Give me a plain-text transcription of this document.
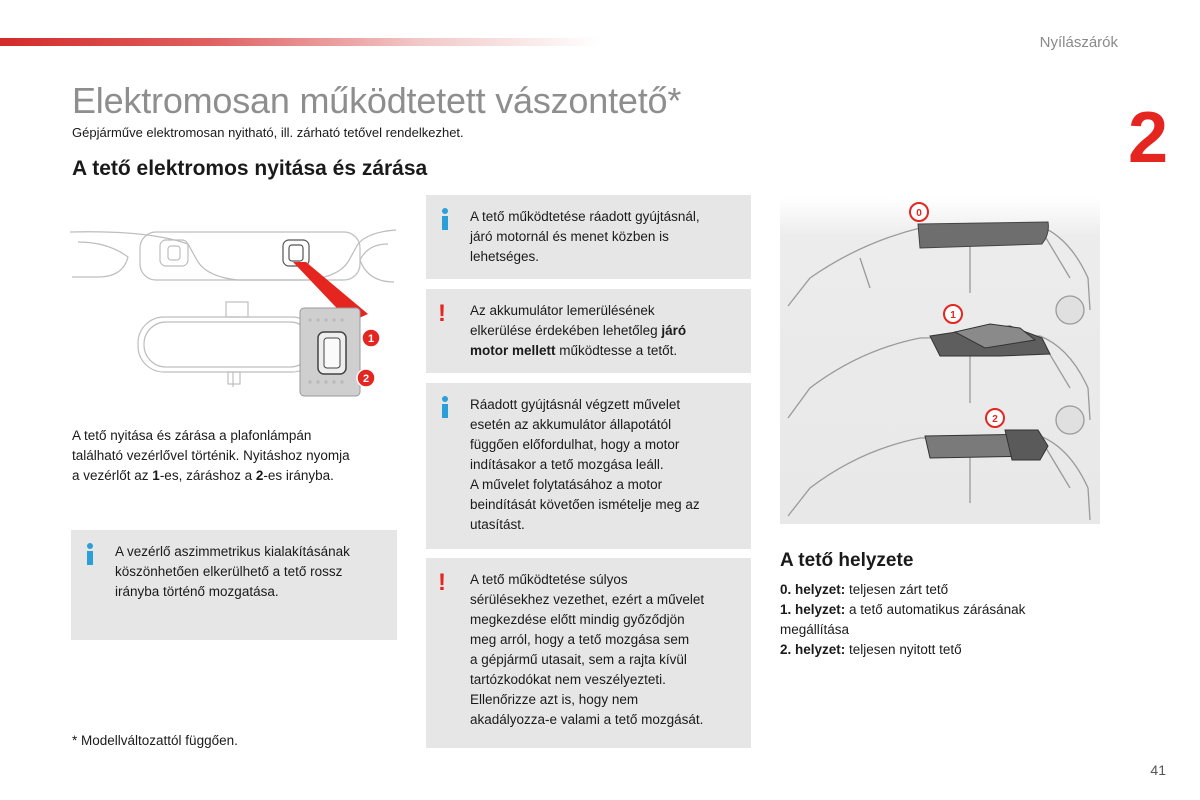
Nyílászárók
2
Elektromosan működtetett vászontető*
Gépjárműve elektromosan nyitható, ill. zárható tetővel rendelkezhet.
A tető elektromos nyitása és zárása
1
2
A tető nyitása és zárása a plafonlámpán
található vezérlővel történik. Nyitáshoz nyomja
a vezérlőt az 1-es, záráshoz a 2-es irányba.
A vezérlő aszimmetrikus kialakításának
köszönhetően elkerülhető a tető rossz
irányba történő mozgatása.
* Modellváltozattól függően.
A tető működtetése ráadott gyújtásnál,
járó motornál és menet közben is
lehetséges.
!	Az akkumulátor lemerülésének
elkerülése érdekében lehetőleg járó
motor mellett működtesse a tetőt.
Ráadott gyújtásnál végzett művelet
esetén az akkumulátor állapotától
függően előfordulhat, hogy a motor
indításakor a tető mozgása leáll.
A művelet folytatásához a motor
beindítását követően ismételje meg az
utasítást.
!	A tető működtetése súlyos
sérülésekhez vezethet, ezért a művelet
megkezdése előtt mindig győződjön
meg arról, hogy a tető mozgása sem
a gépjármű utasait, sem a rajta kívül
tartózkodókat nem veszélyezteti.
Ellenőrizze azt is, hogy nem
akadályozza-e valami a tető mozgását.
0
1
2
A tető helyzete
0. helyzet: teljesen zárt tető
1. helyzet: a tető automatikus zárásának
megállítása
2. helyzet: teljesen nyitott tető
41
